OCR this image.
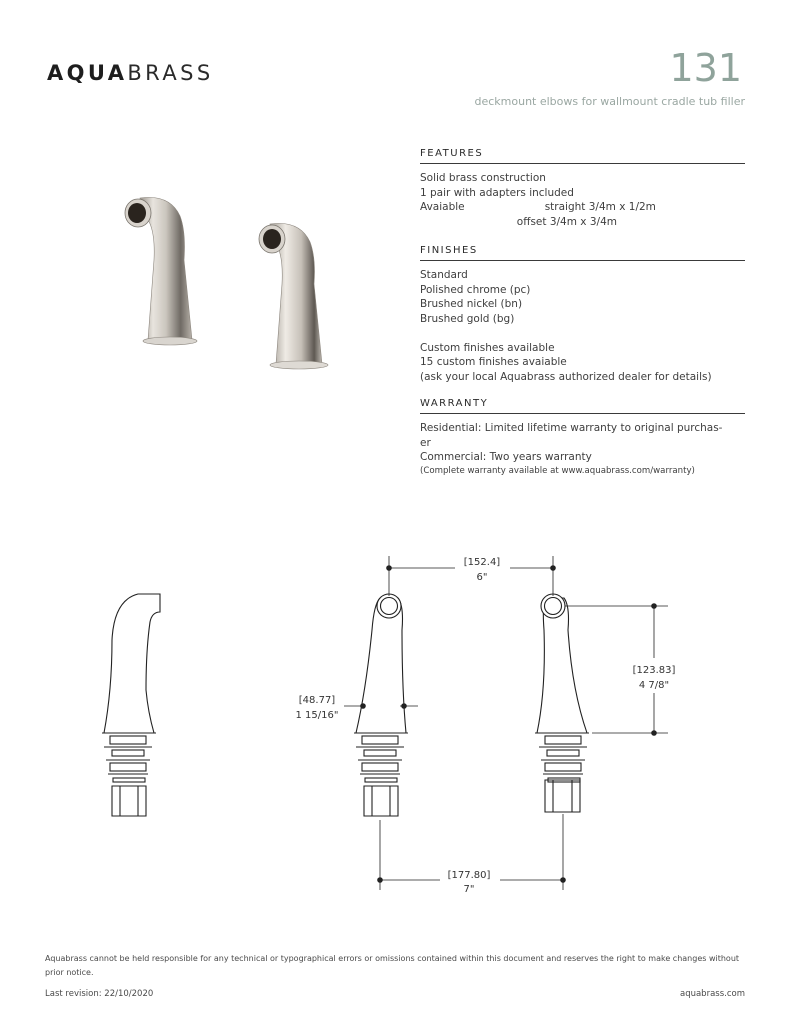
AQUABRASS	131
deckmount elbows for wallmount cradle tub filler
FEATURES
Solid brass construction
1 pair with adapters included
Avaiable                        straight 3/4m x 1/2m
offset 3/4m x 3/4m
FINISHES
Standard
Polished chrome (pc)
Brushed nickel (bn)
Brushed gold (bg)
Custom finishes available
15 custom finishes avaiable
(ask your local Aquabrass authorized dealer for details)
WARRANTY
Residential: Limited lifetime warranty to original purchas-
er
Commercial: Two years warranty
(Complete warranty available at www.aquabrass.com/warranty)
[152.4]
6"
[123.83]
4 7/8"
[48.77]
1 15/16"
[177.80]
7"
Aquabrass cannot be held responsible for any technical or typographical errors or omissions contained within this document and reserves the right to make changes without prior notice.
Last revision: 22/10/2020	aquabrass.com
